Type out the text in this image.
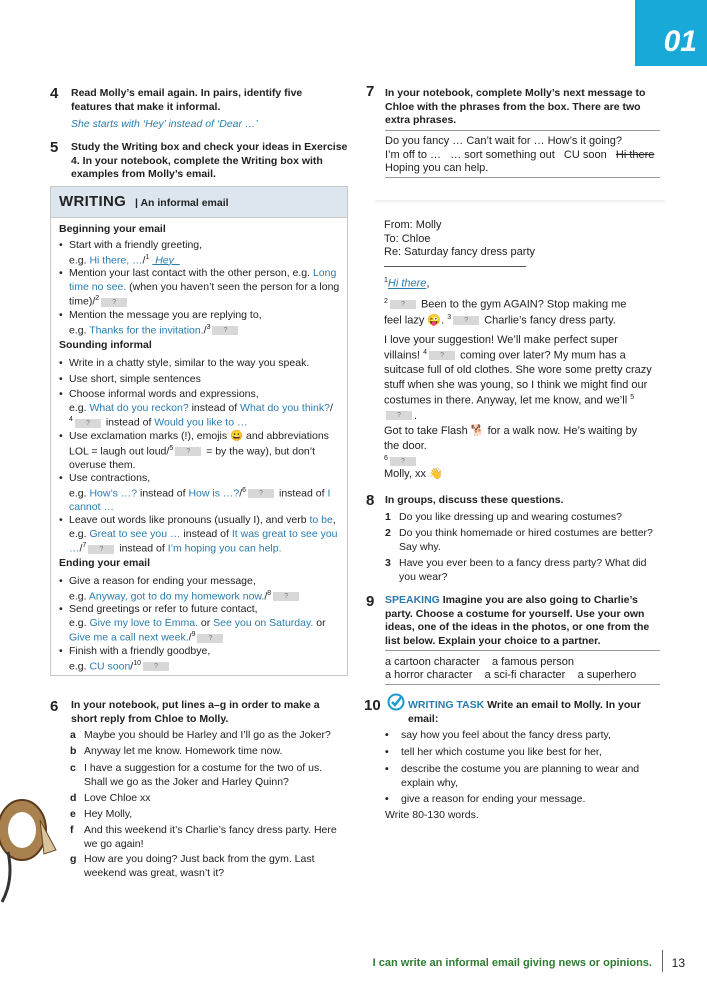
01
4 Read Molly’s email again. In pairs, identify five features that make it informal.
She starts with ‘Hey’ instead of ‘Dear …’
5 Study the Writing box and check your ideas in Exercise 4. In your notebook, complete the Writing box with examples from Molly’s email.
WRITING | An informal email
Beginning your email
• Start with a friendly greeting,
e.g. Hi there, …/$^1$  Hey
• Mention your last contact with the other person, e.g. Long time no see. (when you haven’t seen the person for a long time)/$^2$ ?
• Mention the message you are replying to,
e.g. Thanks for the invitation./$^3$ ?
Sounding informal
• Write in a chatty style, similar to the way you speak.
• Use short, simple sentences
• Choose informal words and expressions,
e.g. What do you reckon? instead of What do you think?/
$^4$ ? instead of Would you like to …
• Use exclamation marks (!), emojis 😀 and abbreviations LOL = laugh out loud/$^5$ ? = by the way), but don’t overuse them.
• Use contractions,
e.g. How’s …? instead of How is …?/$^6$ ? instead of I cannot …
• Leave out words like pronouns (usually I), and verb to be, e.g. Great to see you … instead of It was great to see you …/$^7$ ? instead of I’m hoping you can help.
Ending your email
• Give a reason for ending your message,
e.g. Anyway, got to do my homework now./$^8$ ?
• Send greetings or refer to future contact,
e.g. Give my love to Emma. or See you on Saturday. or Give me a call next week./$^9$ ?
• Finish with a friendly goodbye,
e.g. CU soon/$^{10}$ ?
6 In your notebook, put lines a–g in order to make a short reply from Chloe to Molly.
a Maybe you should be Harley and I’ll go as the Joker?
b Anyway let me know. Homework time now.
c I have a suggestion for a costume for the two of us. Shall we go as the Joker and Harley Quinn?
d Love Chloe xx
e Hey Molly,
f And this weekend it’s Charlie’s fancy dress party. Here we go again!
g How are you doing? Just back from the gym. Last weekend was great, wasn’t it?
7 In your notebook, complete Molly’s next message to Chloe with the phrases from the box. There are two extra phrases.
Do you fancy … Can’t wait for … How’s it going?
I’m off to …   … sort something out   CU soon   Hi there
Hoping you can help.
From: Molly
To: Chloe
Re: Saturday fancy dress party
$^1$Hi there,
$^2$ ? Been to the gym AGAIN? Stop making me
feel lazy 😜. $^3$ ? Charlie’s fancy dress party.
I love your suggestion! We’ll make perfect super villains! $^4$ ? coming over later? My mum has a suitcase full of old clothes. She wore some pretty crazy stuff when she was young, so I think we might find our costumes in there. Anyway, let me know, and we’ll $^5$? .
Got to take Flash 🐕 for a walk now. He’s waiting by the door.
$^6$ ?
Molly, xx 👋
8 In groups, discuss these questions.
1 Do you like dressing up and wearing costumes?
2 Do you think homemade or hired costumes are better? Say why.
3 Have you ever been to a fancy dress party? What did you wear?
9 SPEAKING Imagine you are also going to Charlie’s party. Choose a costume for yourself. Use your own ideas, one of the ideas in the photos, or one from the list below. Explain your choice to a partner.
a cartoon character    a famous person
a horror character    a sci-fi character    a superhero
10	WRITING TASK Write an email to Molly. In your email:
• say how you feel about the fancy dress party,
• tell her which costume you like best for her,
• describe the costume you are planning to wear and explain why,
• give a reason for ending your message.
Write 80-130 words.
I can write an informal email giving news or opinions. 13
